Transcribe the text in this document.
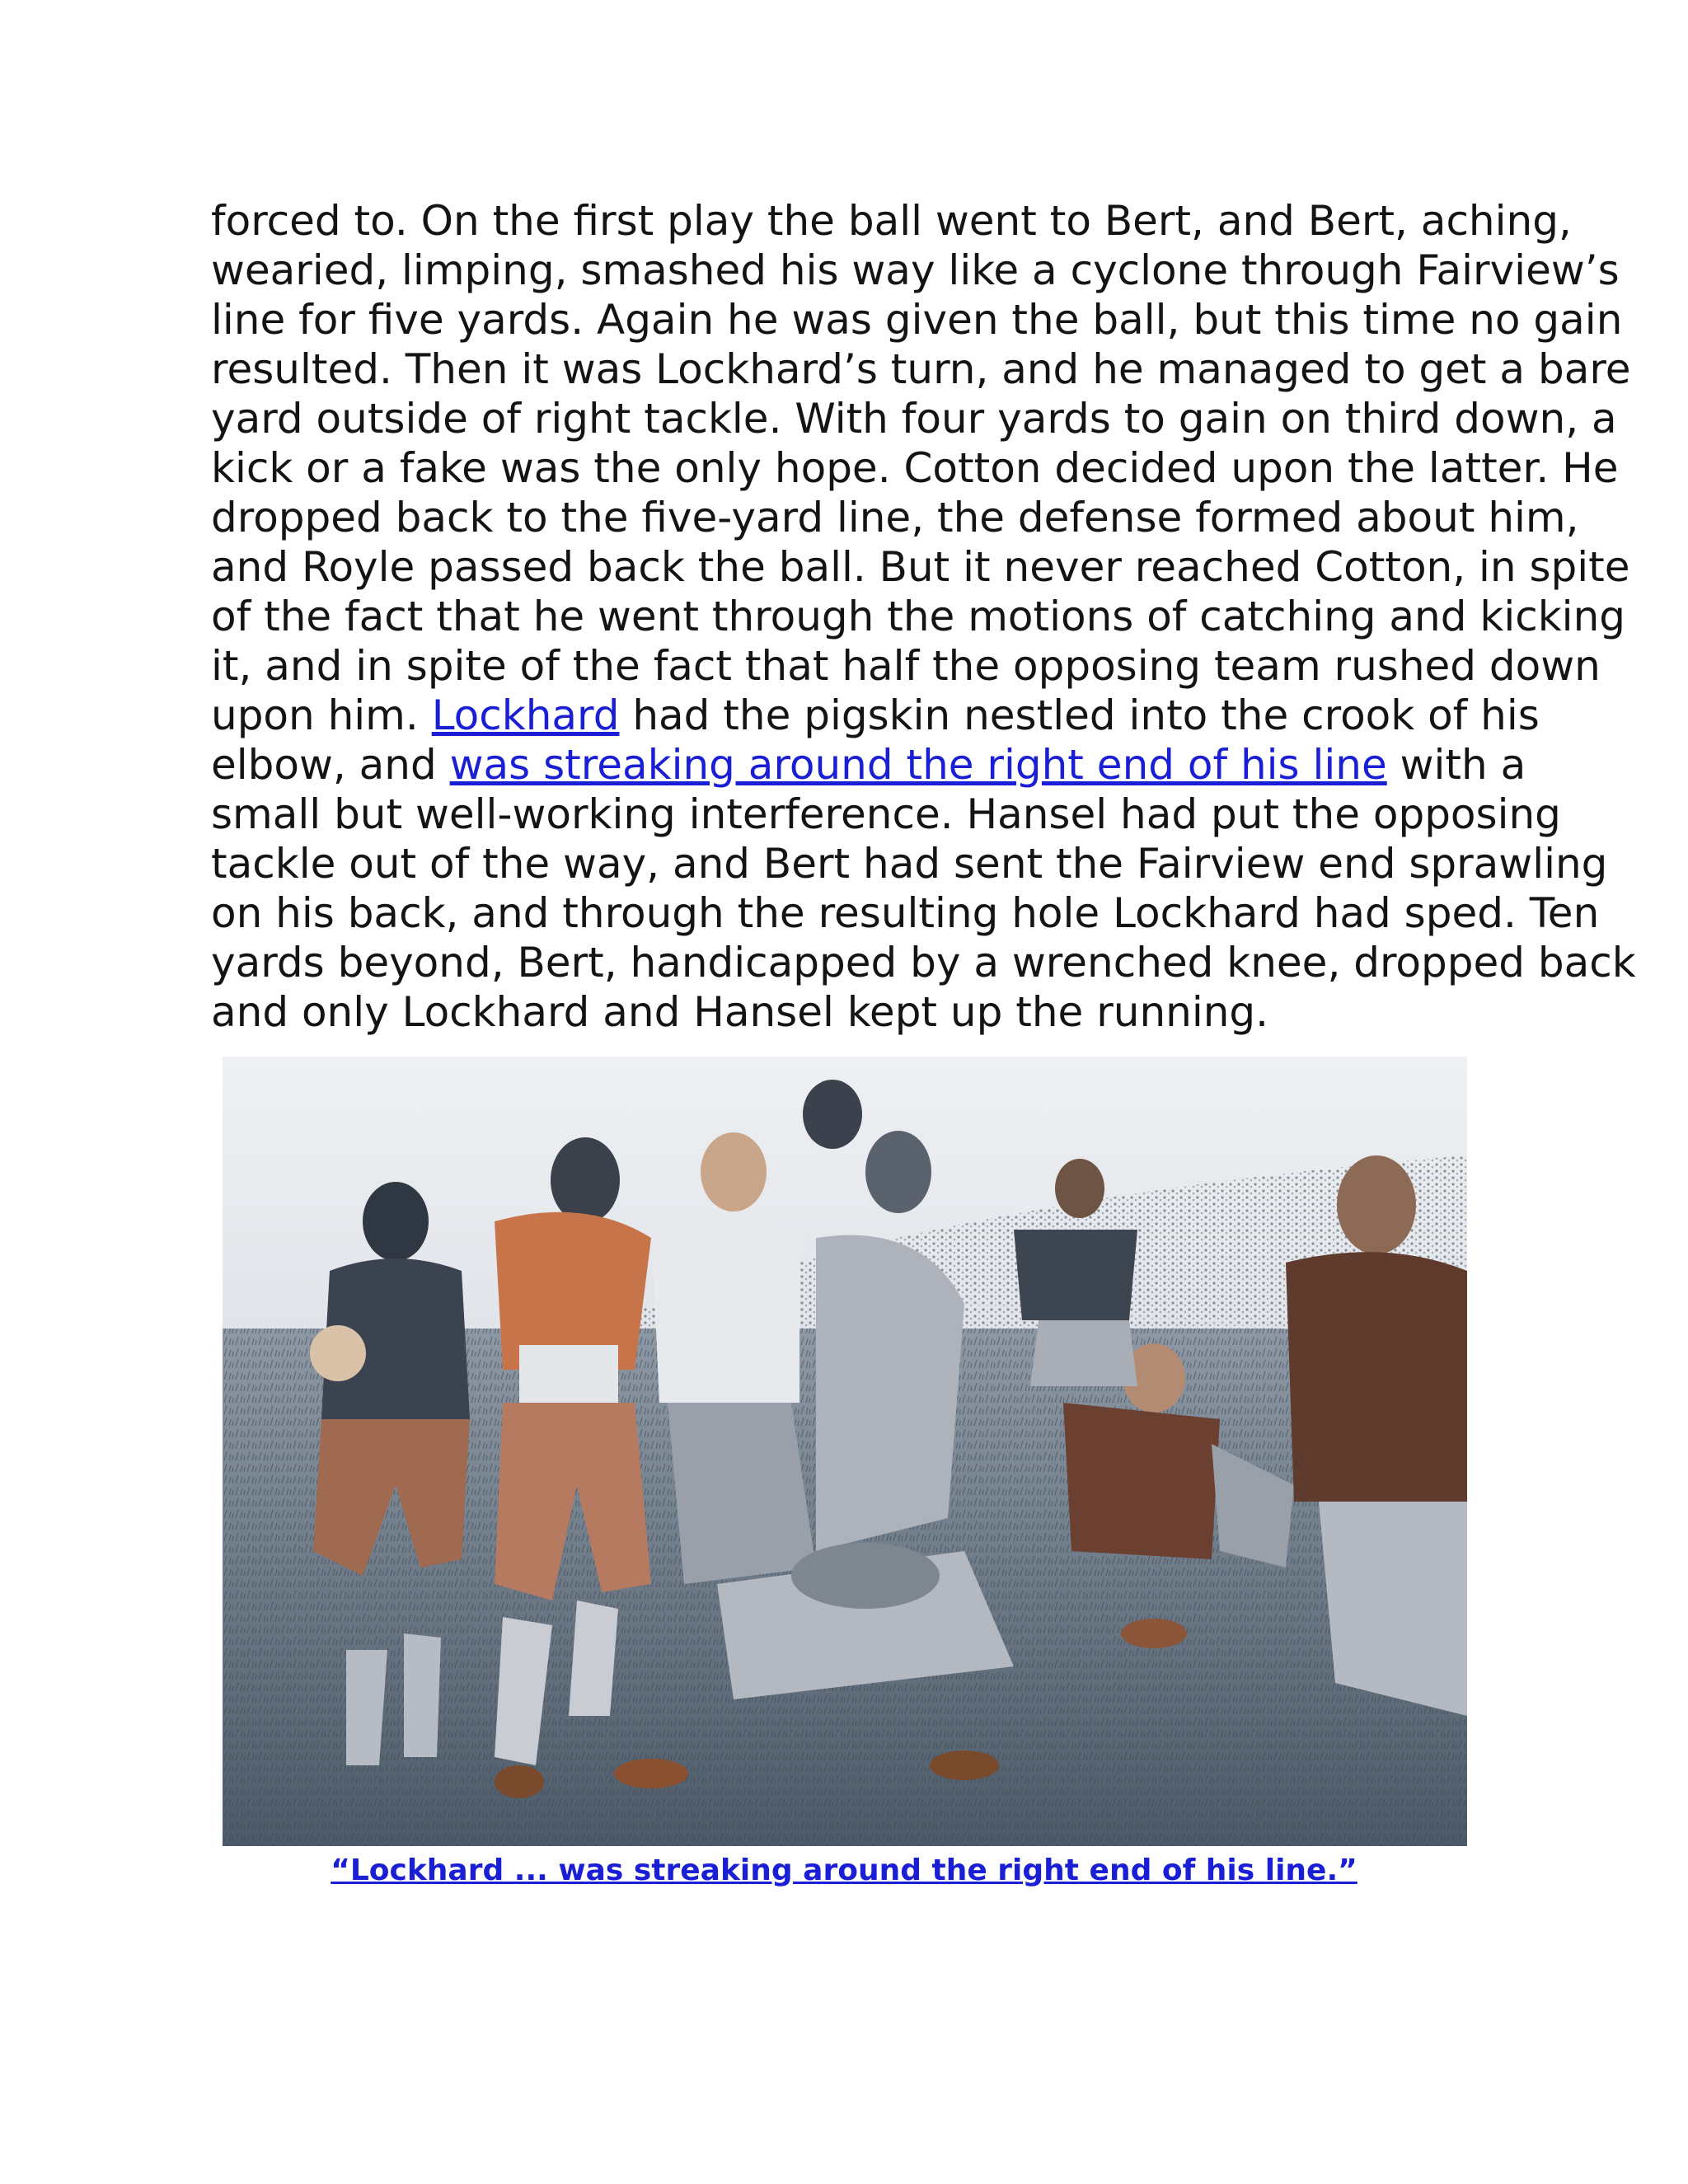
forced to. On the first play the ball went to Bert, and Bert, aching,
wearied, limping, smashed his way like a cyclone through Fairview’s
line for five yards. Again he was given the ball, but this time no gain
resulted. Then it was Lockhard’s turn, and he managed to get a bare
yard outside of right tackle. With four yards to gain on third down, a
kick or a fake was the only hope. Cotton decided upon the latter. He
dropped back to the five-yard line, the defense formed about him,
and Royle passed back the ball. But it never reached Cotton, in spite
of the fact that he went through the motions of catching and kicking
it, and in spite of the fact that half the opposing team rushed down
upon him. Lockhard had the pigskin nestled into the crook of his
elbow, and was streaking around the right end of his line with a
small but well-working interference. Hansel had put the opposing
tackle out of the way, and Bert had sent the Fairview end sprawling
on his back, and through the resulting hole Lockhard had sped. Ten
yards beyond, Bert, handicapped by a wrenched knee, dropped back
and only Lockhard and Hansel kept up the running.
“Lockhard ... was streaking around the right end of his line.”
